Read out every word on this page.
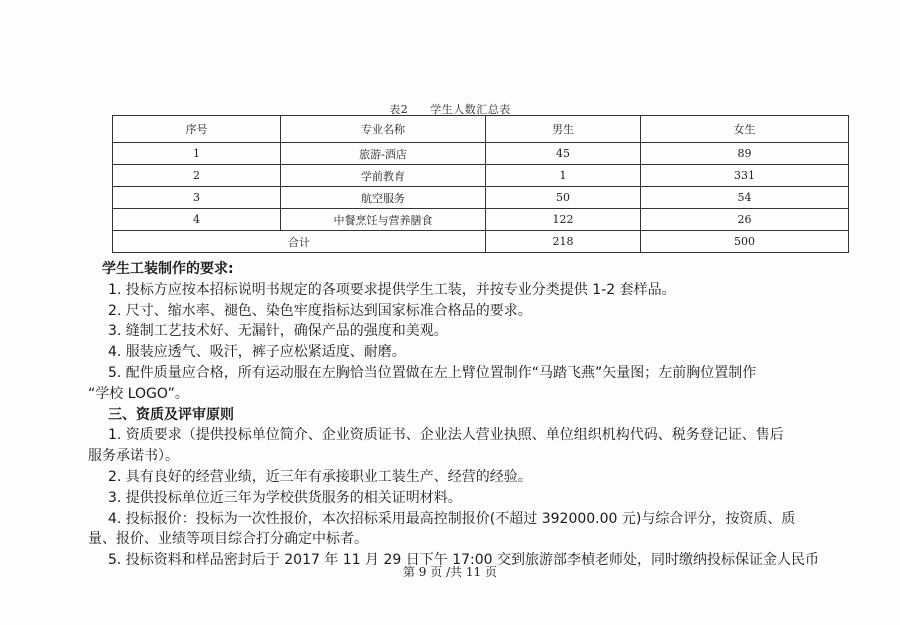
表2 学生人数汇总表
序号	专业名称	男生	女生
1	旅游-酒店	45	89
2	学前教育	1	331
3	航空服务	50	54
4	中餐烹饪与营养膳食	122	26
合计		218	500

学生工装制作的要求:

1. 投标方应按本招标说明书规定的各项要求提供学生工装，并按专业分类提供 1-2 套样品。

2. 尺寸、缩水率、褪色、染色牢度指标达到国家标准合格品的要求。

3. 缝制工艺技术好、无漏针，确保产品的强度和美观。

4. 服装应透气、吸汗，裤子应松紧适度、耐磨。

5. 配件质量应合格，所有运动服在左胸恰当位置做在左上臂位置制作“马踏飞燕”矢量图；左前胸位置制作

“学校 LOGO”。

三、资质及评审原则

1. 资质要求（提供投标单位简介、企业资质证书、企业法人营业执照、单位组织机构代码、税务登记证、售后

服务承诺书）。

2. 具有良好的经营业绩，近三年有承接职业工装生产、经营的经验。

3. 提供投标单位近三年为学校供货服务的相关证明材料。

4. 投标报价：投标为一次性报价，本次招标采用最高控制报价(不超过 392000.00 元)与综合评分，按资质、质

量、报价、业绩等项目综合打分确定中标者。

5. 投标资料和样品密封后于 2017 年 11 月 29 日下午 17:00 交到旅游部李楨老师处，同时缴纳投标保证金人民币

第 9 页 /共 11 页
